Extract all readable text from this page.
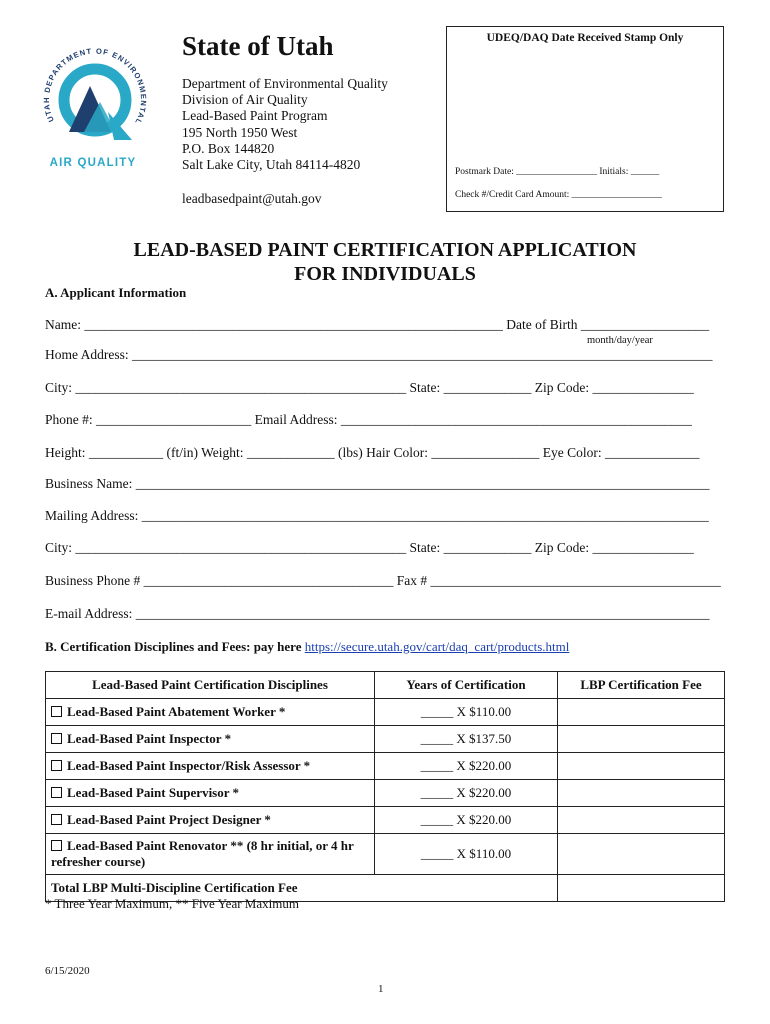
UTAH DEPARTMENT OF ENVIRONMENTAL
AIR QUALITY
State of Utah
Department of Environmental Quality
Division of Air Quality
Lead-Based Paint Program
195 North 1950 West
P.O. Box 144820
Salt Lake City, Utah 84114-4820
leadbasedpaint@utah.gov
UDEQ/DAQ Date Received Stamp Only
Postmark Date: _________________ Initials: ______
Check #/Credit Card Amount: ___________________
LEAD-BASED PAINT CERTIFICATION APPLICATION
FOR INDIVIDUALS
A. Applicant Information
Name: ______________________________________________________________ Date of Birth ___________________
month/day/year
Home Address: ______________________________________________________________________________________
City: _________________________________________________ State: _____________ Zip Code: _______________
Phone #: _______________________ Email Address: ____________________________________________________
Height: ___________ (ft/in) Weight: _____________ (lbs) Hair Color: ________________ Eye Color: ______________
Business Name: _____________________________________________________________________________________
Mailing Address: ____________________________________________________________________________________
City: _________________________________________________ State: _____________ Zip Code: _______________
Business Phone # _____________________________________ Fax # ___________________________________________
E-mail Address: _____________________________________________________________________________________
B. Certification Disciplines and Fees: pay here https://secure.utah.gov/cart/daq_cart/products.html
Lead-Based Paint Certification Disciplines	Years of Certification	LBP Certification Fee
Lead-Based Paint Abatement Worker *	_____ X $110.00	
Lead-Based Paint Inspector *	_____ X $137.50	
Lead-Based Paint Inspector/Risk Assessor *	_____ X $220.00	
Lead-Based Paint Supervisor *	_____ X $220.00	
Lead-Based Paint Project Designer *	_____ X $220.00	
Lead-Based Paint Renovator ** (8 hr initial, or 4 hr refresher course)	_____ X $110.00	
Total LBP Multi-Discipline Certification Fee		
* Three Year Maximum, ** Five Year Maximum
6/15/2020
1
